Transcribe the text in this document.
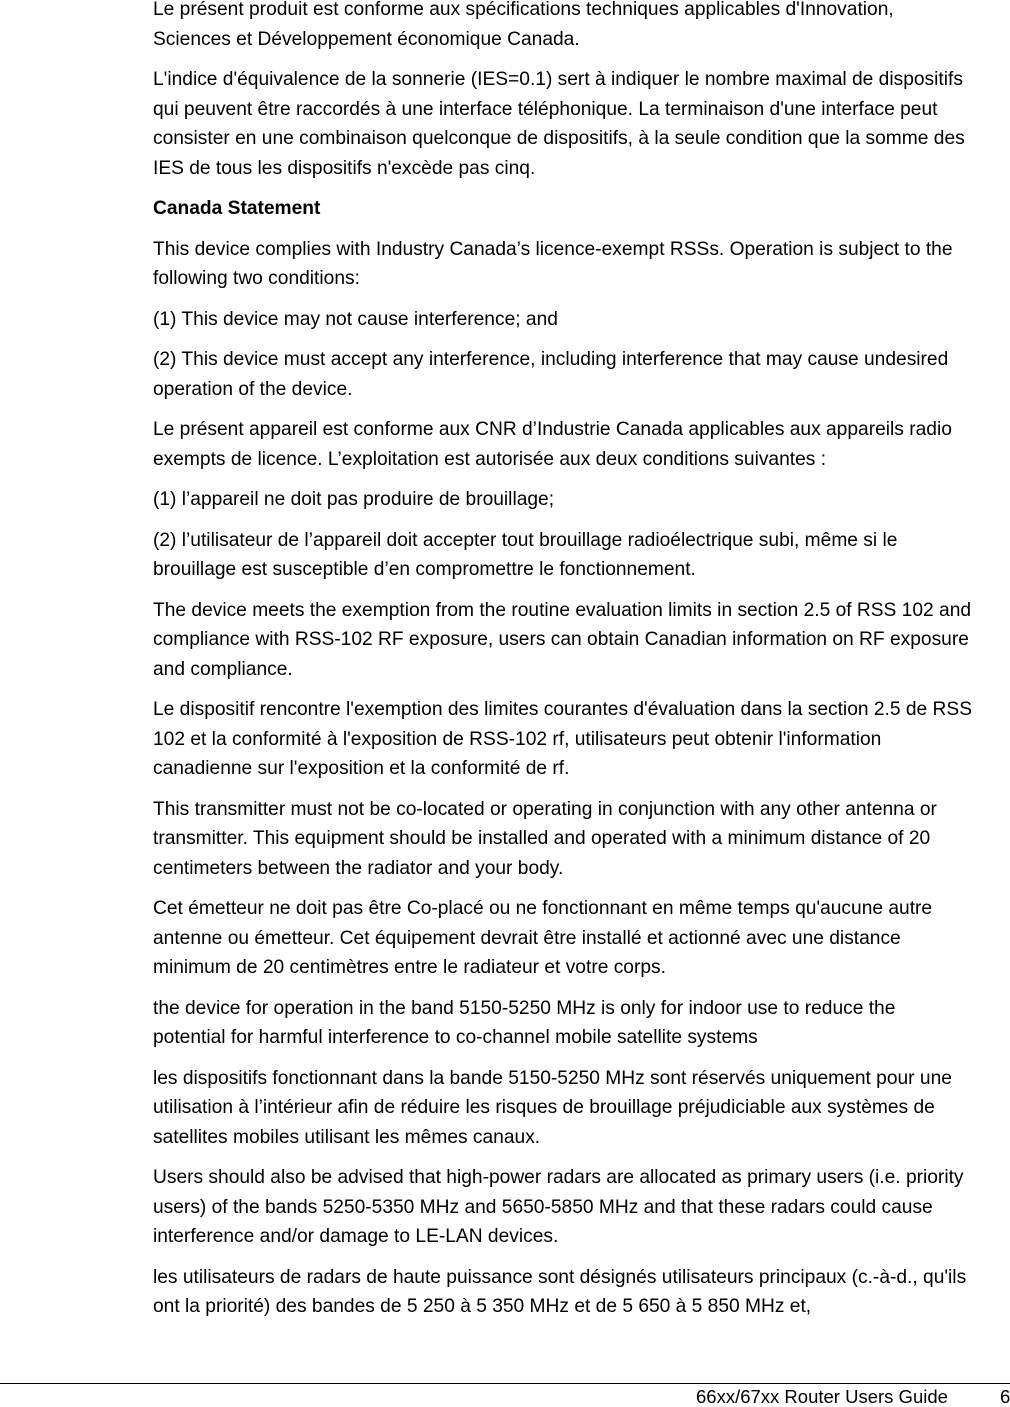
Le présent produit est conforme aux spécifications techniques applicables d'Innovation, Sciences et Développement économique Canada.

L'indice d'équivalence de la sonnerie (IES=0.1) sert à indiquer le nombre maximal de dispositifs qui peuvent être raccordés à une interface téléphonique. La terminaison d'une interface peut consister en une combinaison quelconque de dispositifs, à la seule condition que la somme des IES de tous les dispositifs n'excède pas cinq.

Canada Statement

This device complies with Industry Canada’s licence-exempt RSSs. Operation is subject to the following two conditions:

(1) This device may not cause interference; and

(2) This device must accept any interference, including interference that may cause undesired operation of the device.

Le présent appareil est conforme aux CNR d’Industrie Canada applicables aux appareils radio exempts de licence. L’exploitation est autorisée aux deux conditions suivantes :

(1) l’appareil ne doit pas produire de brouillage;

(2) l’utilisateur de l’appareil doit accepter tout brouillage radioélectrique subi, même si le brouillage est susceptible d’en compromettre le fonctionnement.

The device meets the exemption from the routine evaluation limits in section 2.5 of RSS 102 and compliance with RSS-102 RF exposure, users can obtain Canadian information on RF exposure and compliance.

Le dispositif rencontre l'exemption des limites courantes d'évaluation dans la section 2.5 de RSS 102 et la conformité à l'exposition de RSS-102 rf, utilisateurs peut obtenir l'information canadienne sur l'exposition et la conformité de rf.

This transmitter must not be co-located or operating in conjunction with any other antenna or transmitter. This equipment should be installed and operated with a minimum distance of 20 centimeters between the radiator and your body.

Cet émetteur ne doit pas être Co-placé ou ne fonctionnant en même temps qu'aucune autre antenne ou émetteur. Cet équipement devrait être installé et actionné avec une distance minimum de 20 centimètres entre le radiateur et votre corps.

the device for operation in the band 5150-5250 MHz is only for indoor use to reduce the potential for harmful interference to co-channel mobile satellite systems

les dispositifs fonctionnant dans la bande 5150-5250 MHz sont réservés uniquement pour une utilisation à l’intérieur afin de réduire les risques de brouillage préjudiciable aux systèmes de satellites mobiles utilisant les mêmes canaux.

Users should also be advised that high-power radars are allocated as primary users (i.e. priority users) of the bands 5250-5350 MHz and 5650-5850 MHz and that these radars could cause interference and/or damage to LE-LAN devices.

les utilisateurs de radars de haute puissance sont désignés utilisateurs principaux (c.-à-d., qu'ils ont la priorité) des bandes de 5 250 à 5 350 MHz et de 5 650 à 5 850 MHz et,

66xx/67xx Router Users Guide	6
